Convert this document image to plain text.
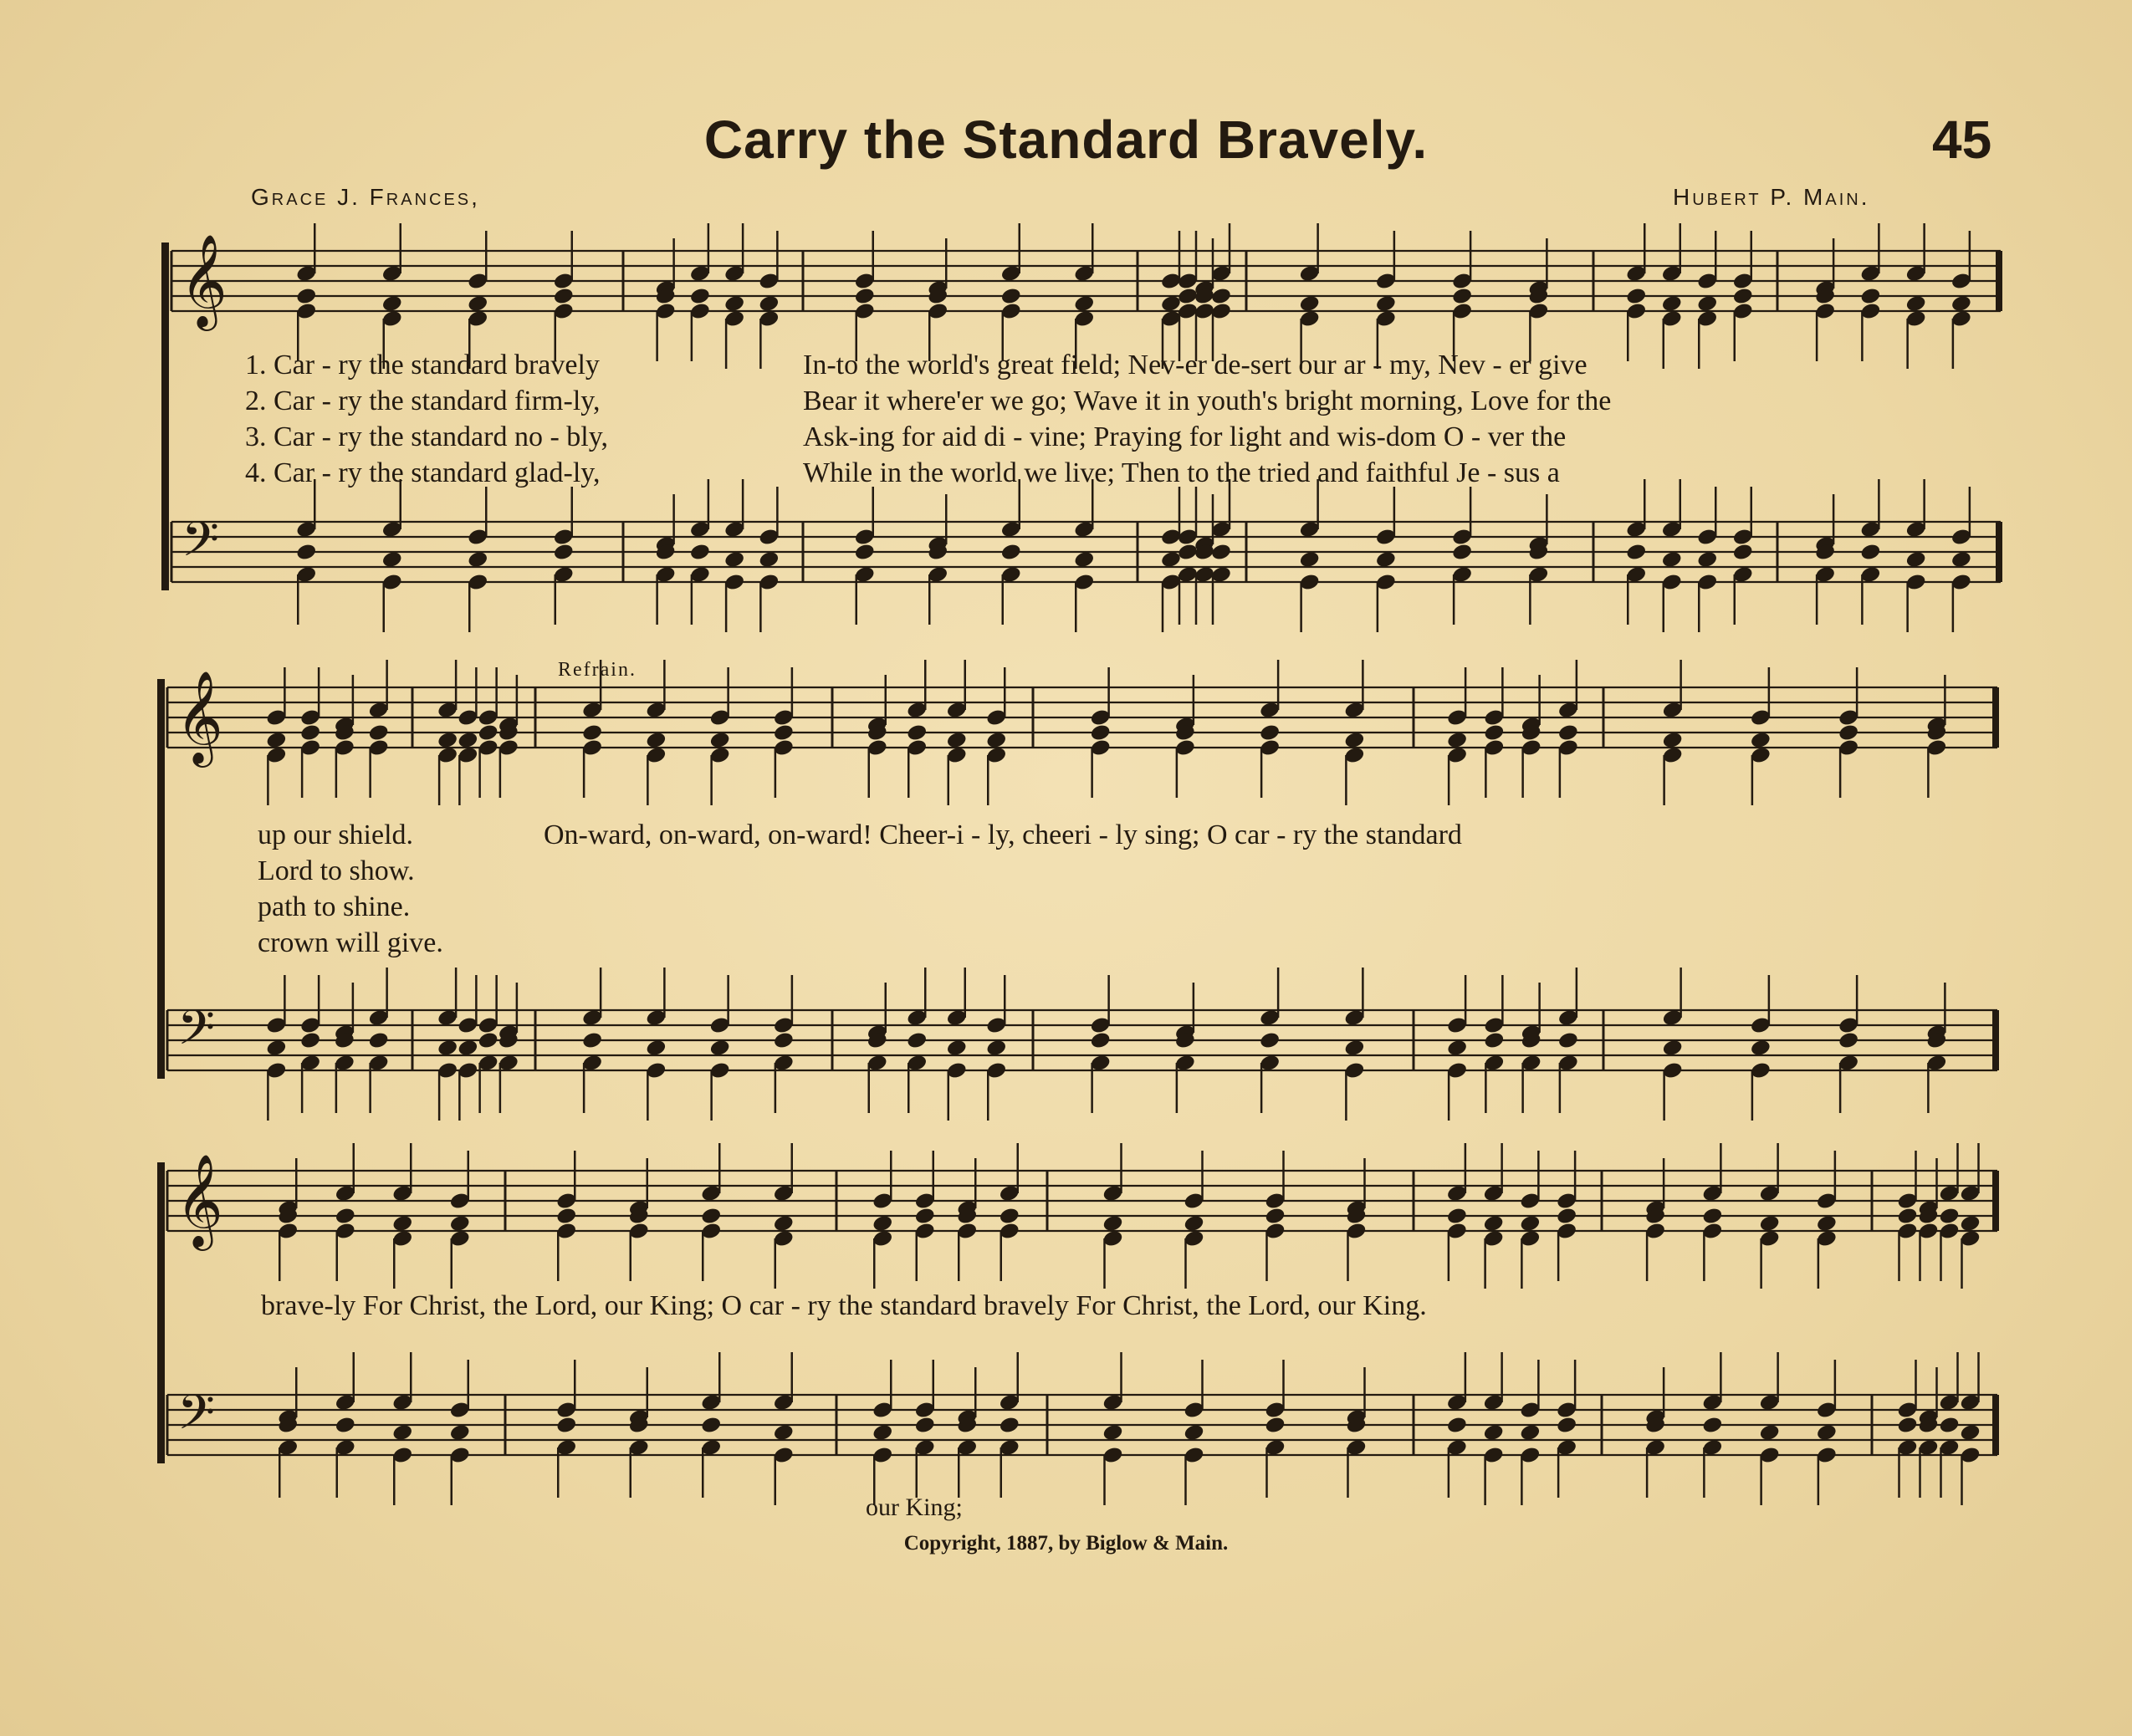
Carry the Standard Bravely.	45
Grace J. Frances,	Hubert P. Main.
𝄞
𝄢
𝄞
𝄢
𝄞
𝄢
Refrain.
1. Car - ry the standard bravely	In-to the world's great field; Nev-er de-sert our ar - my, Nev - er give
2. Car - ry the standard firm-ly,	Bear it where'er we go; Wave it in youth's bright morning, Love for the
3. Car - ry the standard no - bly,	Ask-ing for aid di - vine; Praying for light and wis-dom O - ver the
4. Car - ry the standard glad-ly,	While in the world we live; Then to the tried and faithful Je - sus a
up our shield.	On-ward, on-ward, on-ward! Cheer-i - ly, cheeri - ly sing; O car - ry the standard
Lord to show.
path to shine.
crown will give.
brave-ly For Christ, the Lord, our King; O car - ry the standard bravely For Christ, the Lord, our King.
our King;
Copyright, 1887, by Biglow & Main.
